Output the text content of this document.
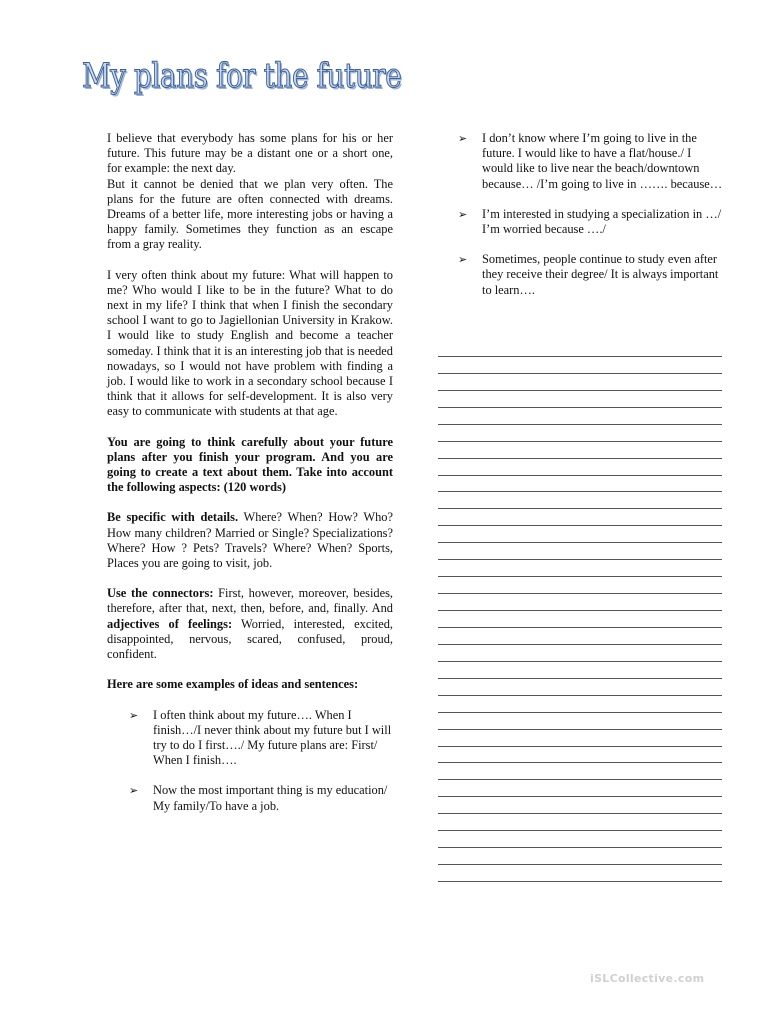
My plans for the future

I believe that everybody has some plans for his or her future. This future may be a distant one or a short one, for example: the next day.

But it cannot be denied that we plan very often. The plans for the future are often connected with dreams. Dreams of a better life, more interesting jobs or having a happy family. Sometimes they function as an escape from a gray reality.

I very often think about my future: What will happen to me? Who would I like to be in the future? What to do next in my life? I think that when I finish the secondary school I want to go to Jagiellonian University in Krakow. I would like to study English and become a teacher someday. I think that it is an interesting job that is needed nowadays, so I would not have problem with finding a job. I would like to work in a secondary school because I think that it allows for self-development. It is also very easy to communicate with students at that age.

You are going to think carefully about your future plans after you finish your program. And you are going to create a text about them. Take into account the following aspects: (120 words)

Be specific with details. Where? When? How? Who? How many children? Married or Single? Specializations? Where? How ? Pets? Travels? Where? When? Sports, Places you are going to visit, job.

Use the connectors: First, however, moreover, besides, therefore, after that, next, then, before, and, finally. And adjectives of feelings: Worried, interested, excited, disappointed, nervous, scared, confused, proud, confident.

Here are some examples of ideas and sentences:

➢ I often think about my future…. When I finish…/I never think about my future but I will try to do I first…./ My future plans are: First/ When I finish….
➢ Now the most important thing is my education/ My family/To have a job.
➢ I don’t know where I’m going to live in the future. I would like to have a flat/house./ I would like to live near the beach/downtown because… /I’m going to live in ……. because…
➢ I’m interested in studying a specialization in …/ I’m worried because …./
➢ Sometimes, people continue to study even after they receive their degree/ It is always important to learn….
iSLCollective.com
